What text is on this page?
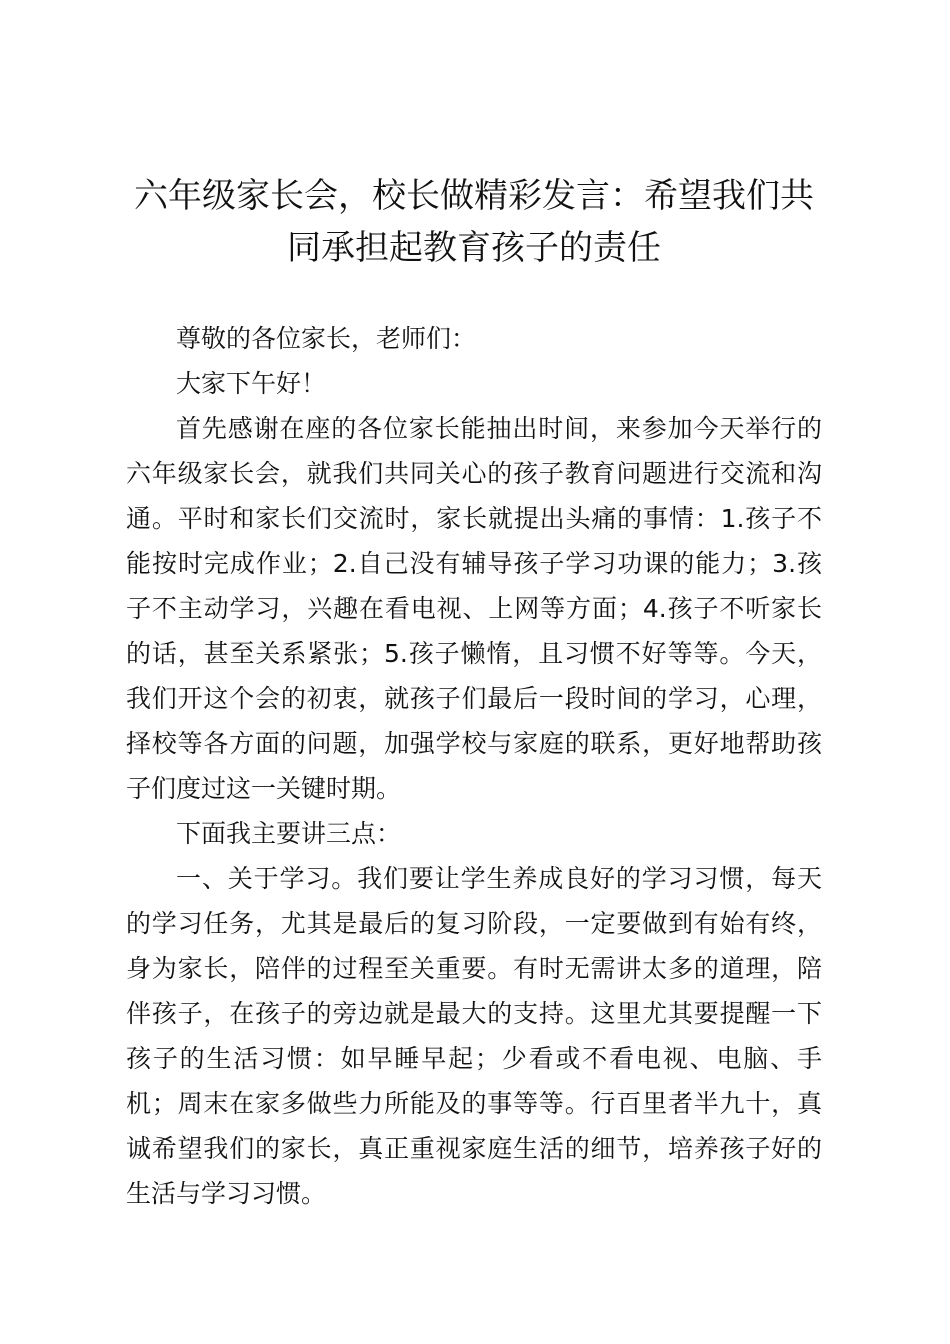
六年级家长会，校长做精彩发言：希望我们共同承担起教育孩子的责任

尊敬的各位家长，老师们：

大家下午好！

首先感谢在座的各位家长能抽出时间，来参加今天举行的六年级家长会，就我们共同关心的孩子教育问题进行交流和沟通。平时和家长们交流时，家长就提出头痛的事情：1.孩子不能按时完成作业；2.自己没有辅导孩子学习功课的能力；3.孩子不主动学习，兴趣在看电视、上网等方面；4.孩子不听家长的话，甚至关系紧张；5.孩子懒惰，且习惯不好等等。今天，我们开这个会的初衷，就孩子们最后一段时间的学习，心理，择校等各方面的问题，加强学校与家庭的联系，更好地帮助孩子们度过这一关键时期。

下面我主要讲三点：

一、关于学习。我们要让学生养成良好的学习习惯，每天的学习任务，尤其是最后的复习阶段，一定要做到有始有终，身为家长，陪伴的过程至关重要。有时无需讲太多的道理，陪伴孩子，在孩子的旁边就是最大的支持。这里尤其要提醒一下孩子的生活习惯：如早睡早起；少看或不看电视、电脑、手机；周末在家多做些力所能及的事等等。行百里者半九十，真诚希望我们的家长，真正重视家庭生活的细节，培养孩子好的生活与学习习惯。
